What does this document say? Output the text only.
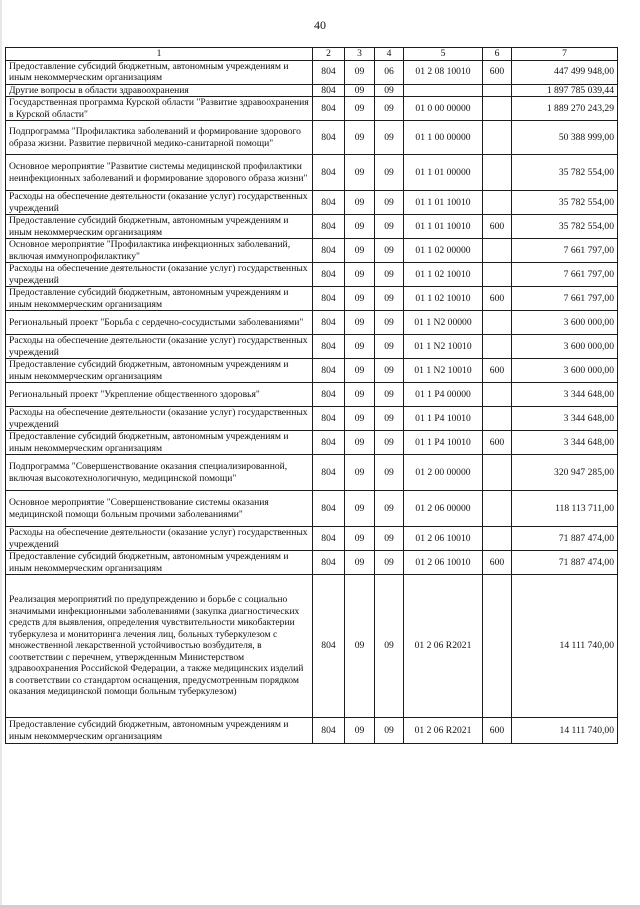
40
1	2	3	4	5	6	7
Предоставление субсидий бюджетным, автономным учреждениям и иным некоммерческим организациям	804	09	06	01 2 08 10010	600	447 499 948,00
Другие вопросы в области здравоохранения	804	09	09			1 897 785 039,44
Государственная программа Курской области "Развитие здравоохранения в Курской области"	804	09	09	01 0 00 00000		1 889 270 243,29
Подпрограмма "Профилактика заболеваний и формирование здорового образа жизни. Развитие первичной медико-санитарной помощи"	804	09	09	01 1 00 00000		50 388 999,00
Основное мероприятие "Развитие системы медицинской профилактики неинфекционных заболеваний и формирование здорового образа жизни"	804	09	09	01 1 01 00000		35 782 554,00
Расходы на обеспечение деятельности (оказание услуг) государственных учреждений	804	09	09	01 1 01 10010		35 782 554,00
Предоставление субсидий бюджетным, автономным учреждениям и иным некоммерческим организациям	804	09	09	01 1 01 10010	600	35 782 554,00
Основное мероприятие "Профилактика инфекционных заболеваний, включая иммунопрофилактику"	804	09	09	01 1 02 00000		7 661 797,00
Расходы на обеспечение деятельности (оказание услуг) государственных учреждений	804	09	09	01 1 02 10010		7 661 797,00
Предоставление субсидий бюджетным, автономным учреждениям и иным некоммерческим организациям	804	09	09	01 1 02 10010	600	7 661 797,00
Региональный проект "Борьба с сердечно-сосудистыми заболеваниями"	804	09	09	01 1 N2 00000		3 600 000,00
Расходы на обеспечение деятельности (оказание услуг) государственных учреждений	804	09	09	01 1 N2 10010		3 600 000,00
Предоставление субсидий бюджетным, автономным учреждениям и иным некоммерческим организациям	804	09	09	01 1 N2 10010	600	3 600 000,00
Региональный проект "Укрепление общественного здоровья"	804	09	09	01 1 P4 00000		3 344 648,00
Расходы на обеспечение деятельности (оказание услуг) государственных учреждений	804	09	09	01 1 P4 10010		3 344 648,00
Предоставление субсидий бюджетным, автономным учреждениям и иным некоммерческим организациям	804	09	09	01 1 P4 10010	600	3 344 648,00
Подпрограмма "Совершенствование оказания специализированной, включая высокотехнологичную, медицинской помощи"	804	09	09	01 2 00 00000		320 947 285,00
Основное мероприятие "Совершенствование системы оказания медицинской помощи больным прочими заболеваниями"	804	09	09	01 2 06 00000		118 113 711,00
Расходы на обеспечение деятельности (оказание услуг) государственных учреждений	804	09	09	01 2 06 10010		71 887 474,00
Предоставление субсидий бюджетным, автономным учреждениям и иным некоммерческим организациям	804	09	09	01 2 06 10010	600	71 887 474,00
Реализация мероприятий по предупреждению и борьбе с социально значимыми инфекционными заболеваниями (закупка диагностических средств для выявления, определения чувствительности микобактерии туберкулеза и мониторинга лечения лиц, больных туберкулезом с множественной лекарственной устойчивостью возбудителя, в соответствии с перечнем, утвержденным Министерством здравоохранения Российской Федерации, а также медицинских изделий в соответствии со стандартом оснащения, предусмотренным порядком оказания медицинской помощи больным туберкулезом)	804	09	09	01 2 06 R2021		14 111 740,00
Предоставление субсидий бюджетным, автономным учреждениям и иным некоммерческим организациям	804	09	09	01 2 06 R2021	600	14 111 740,00
